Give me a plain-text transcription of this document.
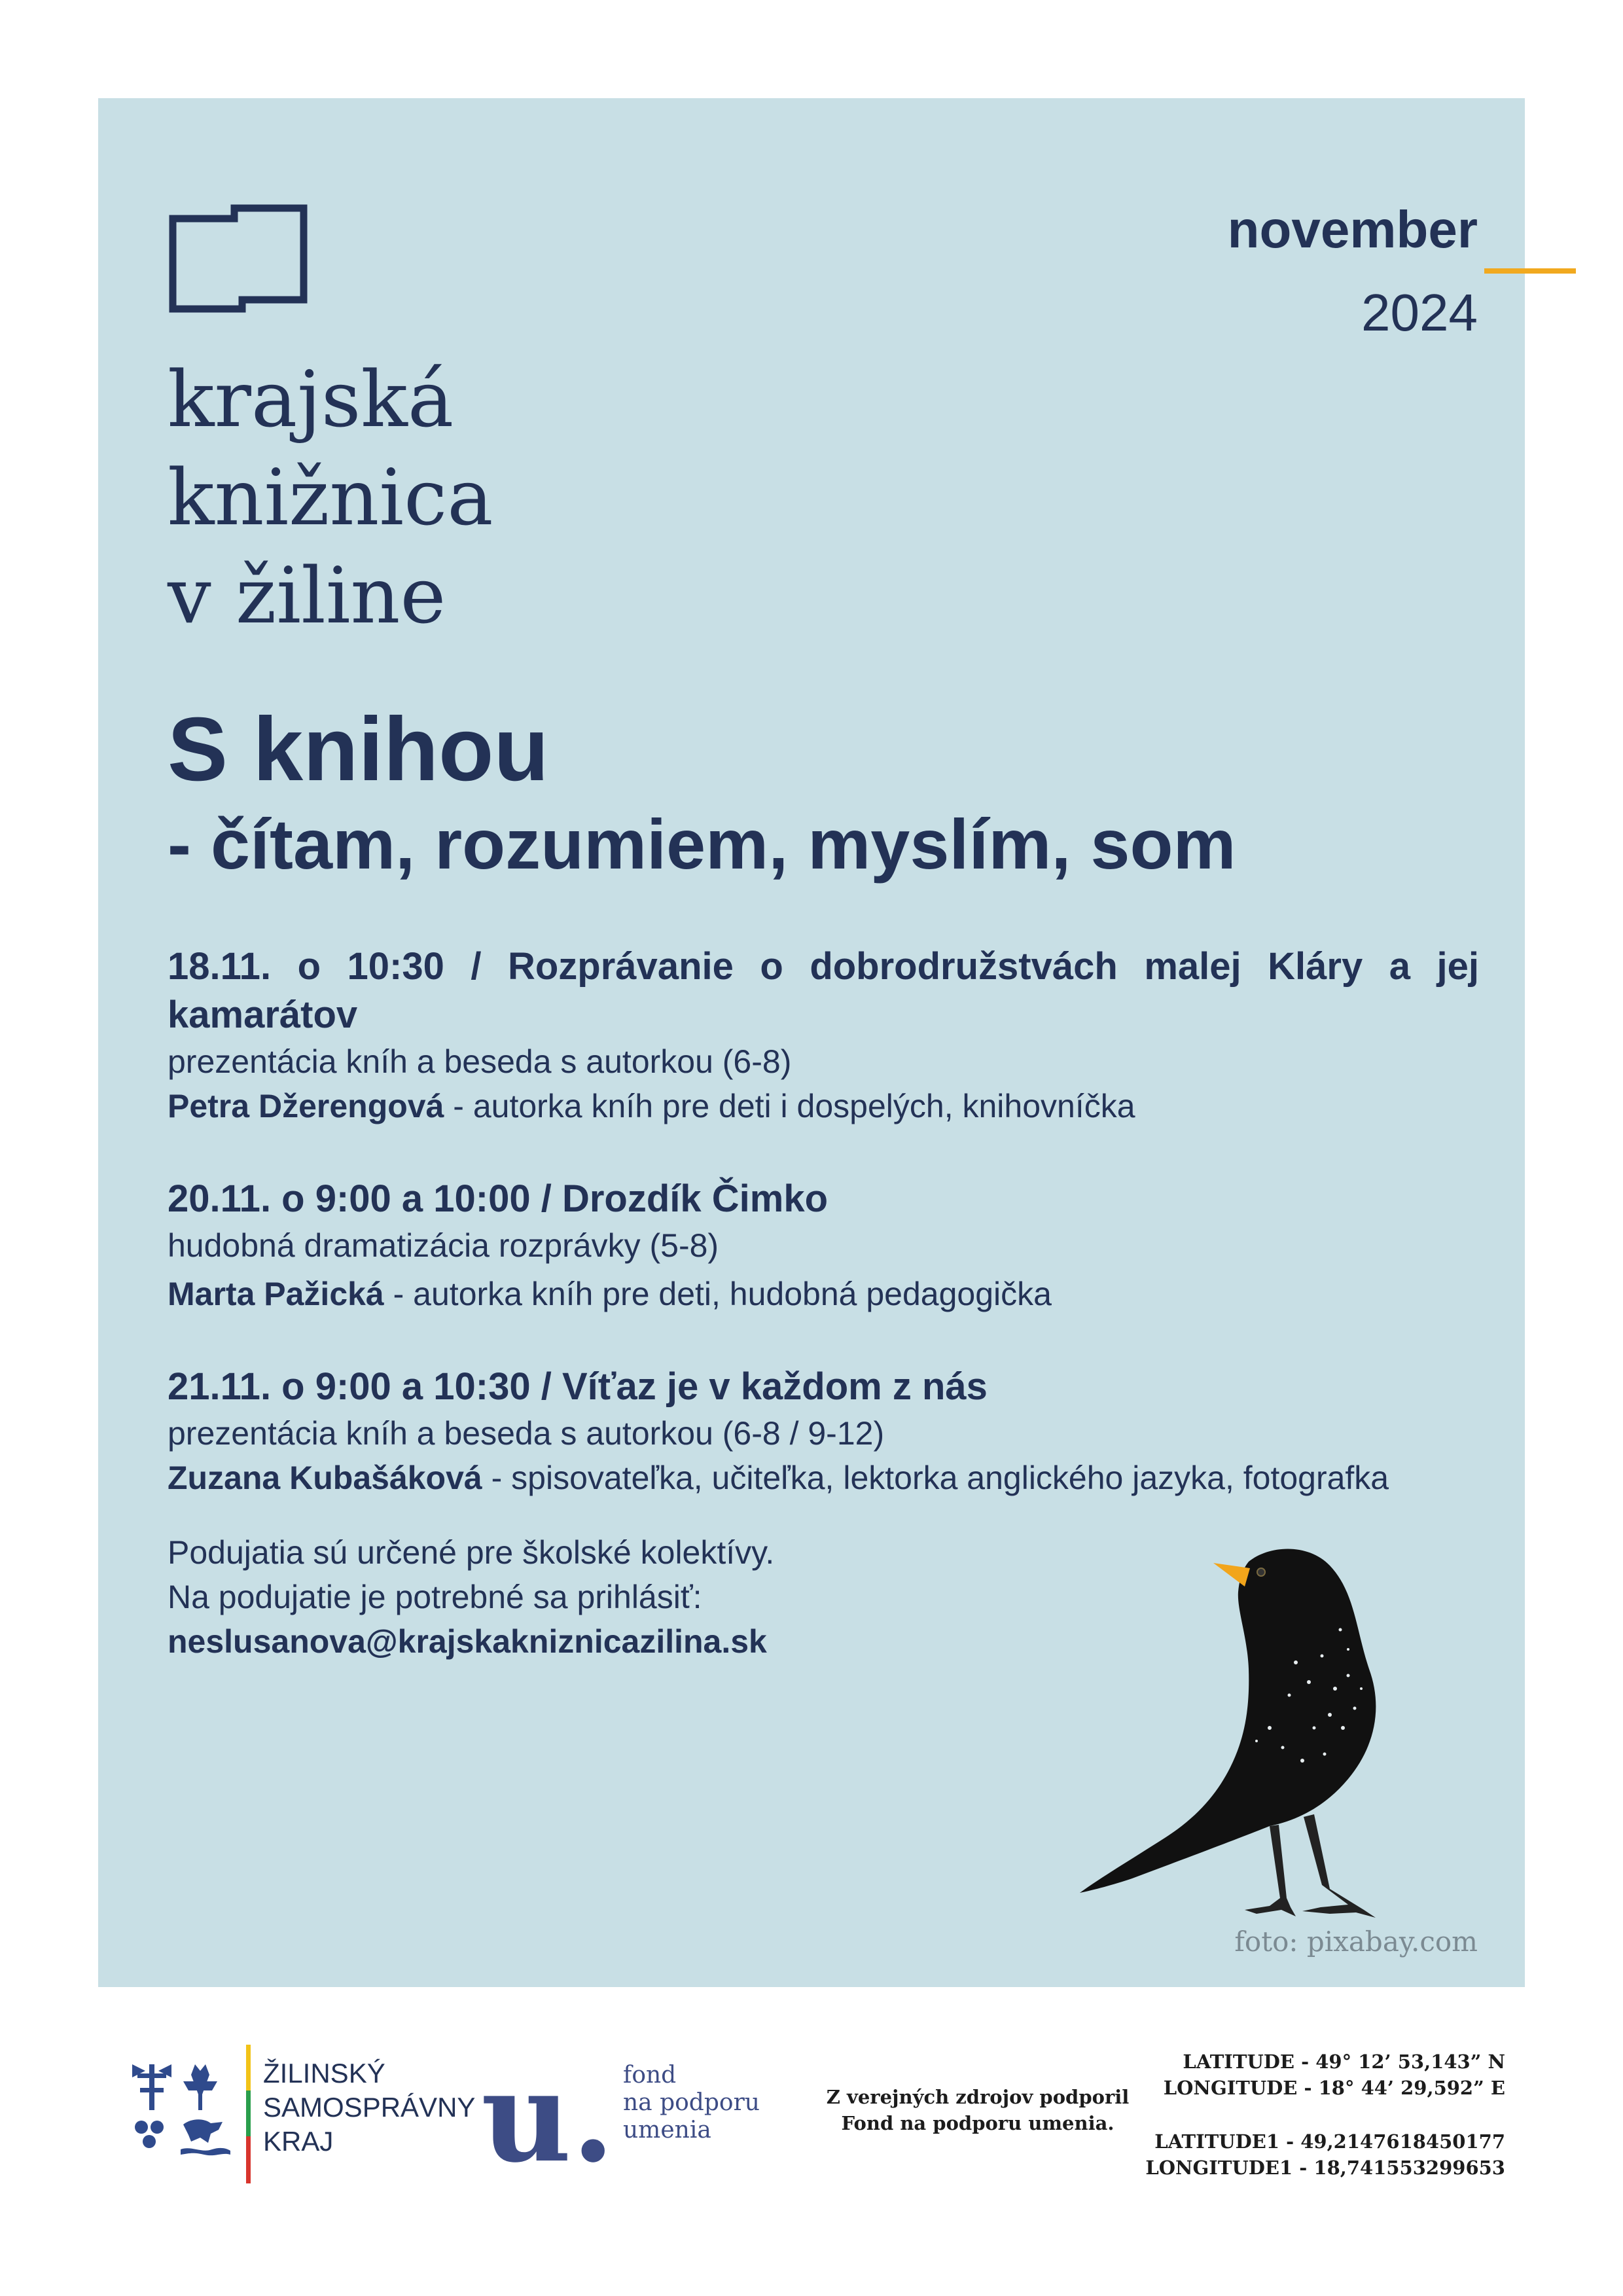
krajská
knižnica
v žiline
november
2024
S knihou
- čítam, rozumiem, myslím, som
18.11. o 10:30 / Rozprávanie o dobrodružstvách malej Kláry a jej kamarátov
prezentácia kníh a beseda s autorkou (6-8)
Petra Džerengová - autorka kníh pre deti i dospelých, knihovníčka
20.11. o 9:00 a 10:00 / Drozdík Čimko
hudobná dramatizácia rozprávky (5-8)
Marta Pažická - autorka kníh pre deti, hudobná pedagogička
21.11. o 9:00 a 10:30 / Víťaz je v každom z nás
prezentácia kníh a beseda s autorkou (6-8 / 9-12)
Zuzana Kubašáková - spisovateľka, učiteľka, lektorka anglického jazyka, fotografka
Podujatia sú určené pre školské kolektívy.
Na podujatie je potrebné sa prihlásiť:
neslusanova@krajskakniznicazilina.sk
foto: pixabay.com
ŽILINSKÝ
SAMOSPRÁVNY
KRAJ	u. fond
na podporu
umenia
Z verejných zdrojov podporil
Fond na podporu umenia.
LATITUDE - 49° 12’ 53,143” N
LONGITUDE - 18° 44’ 29,592” E
LATITUDE1 - 49,2147618450177
LONGITUDE1 - 18,741553299653
